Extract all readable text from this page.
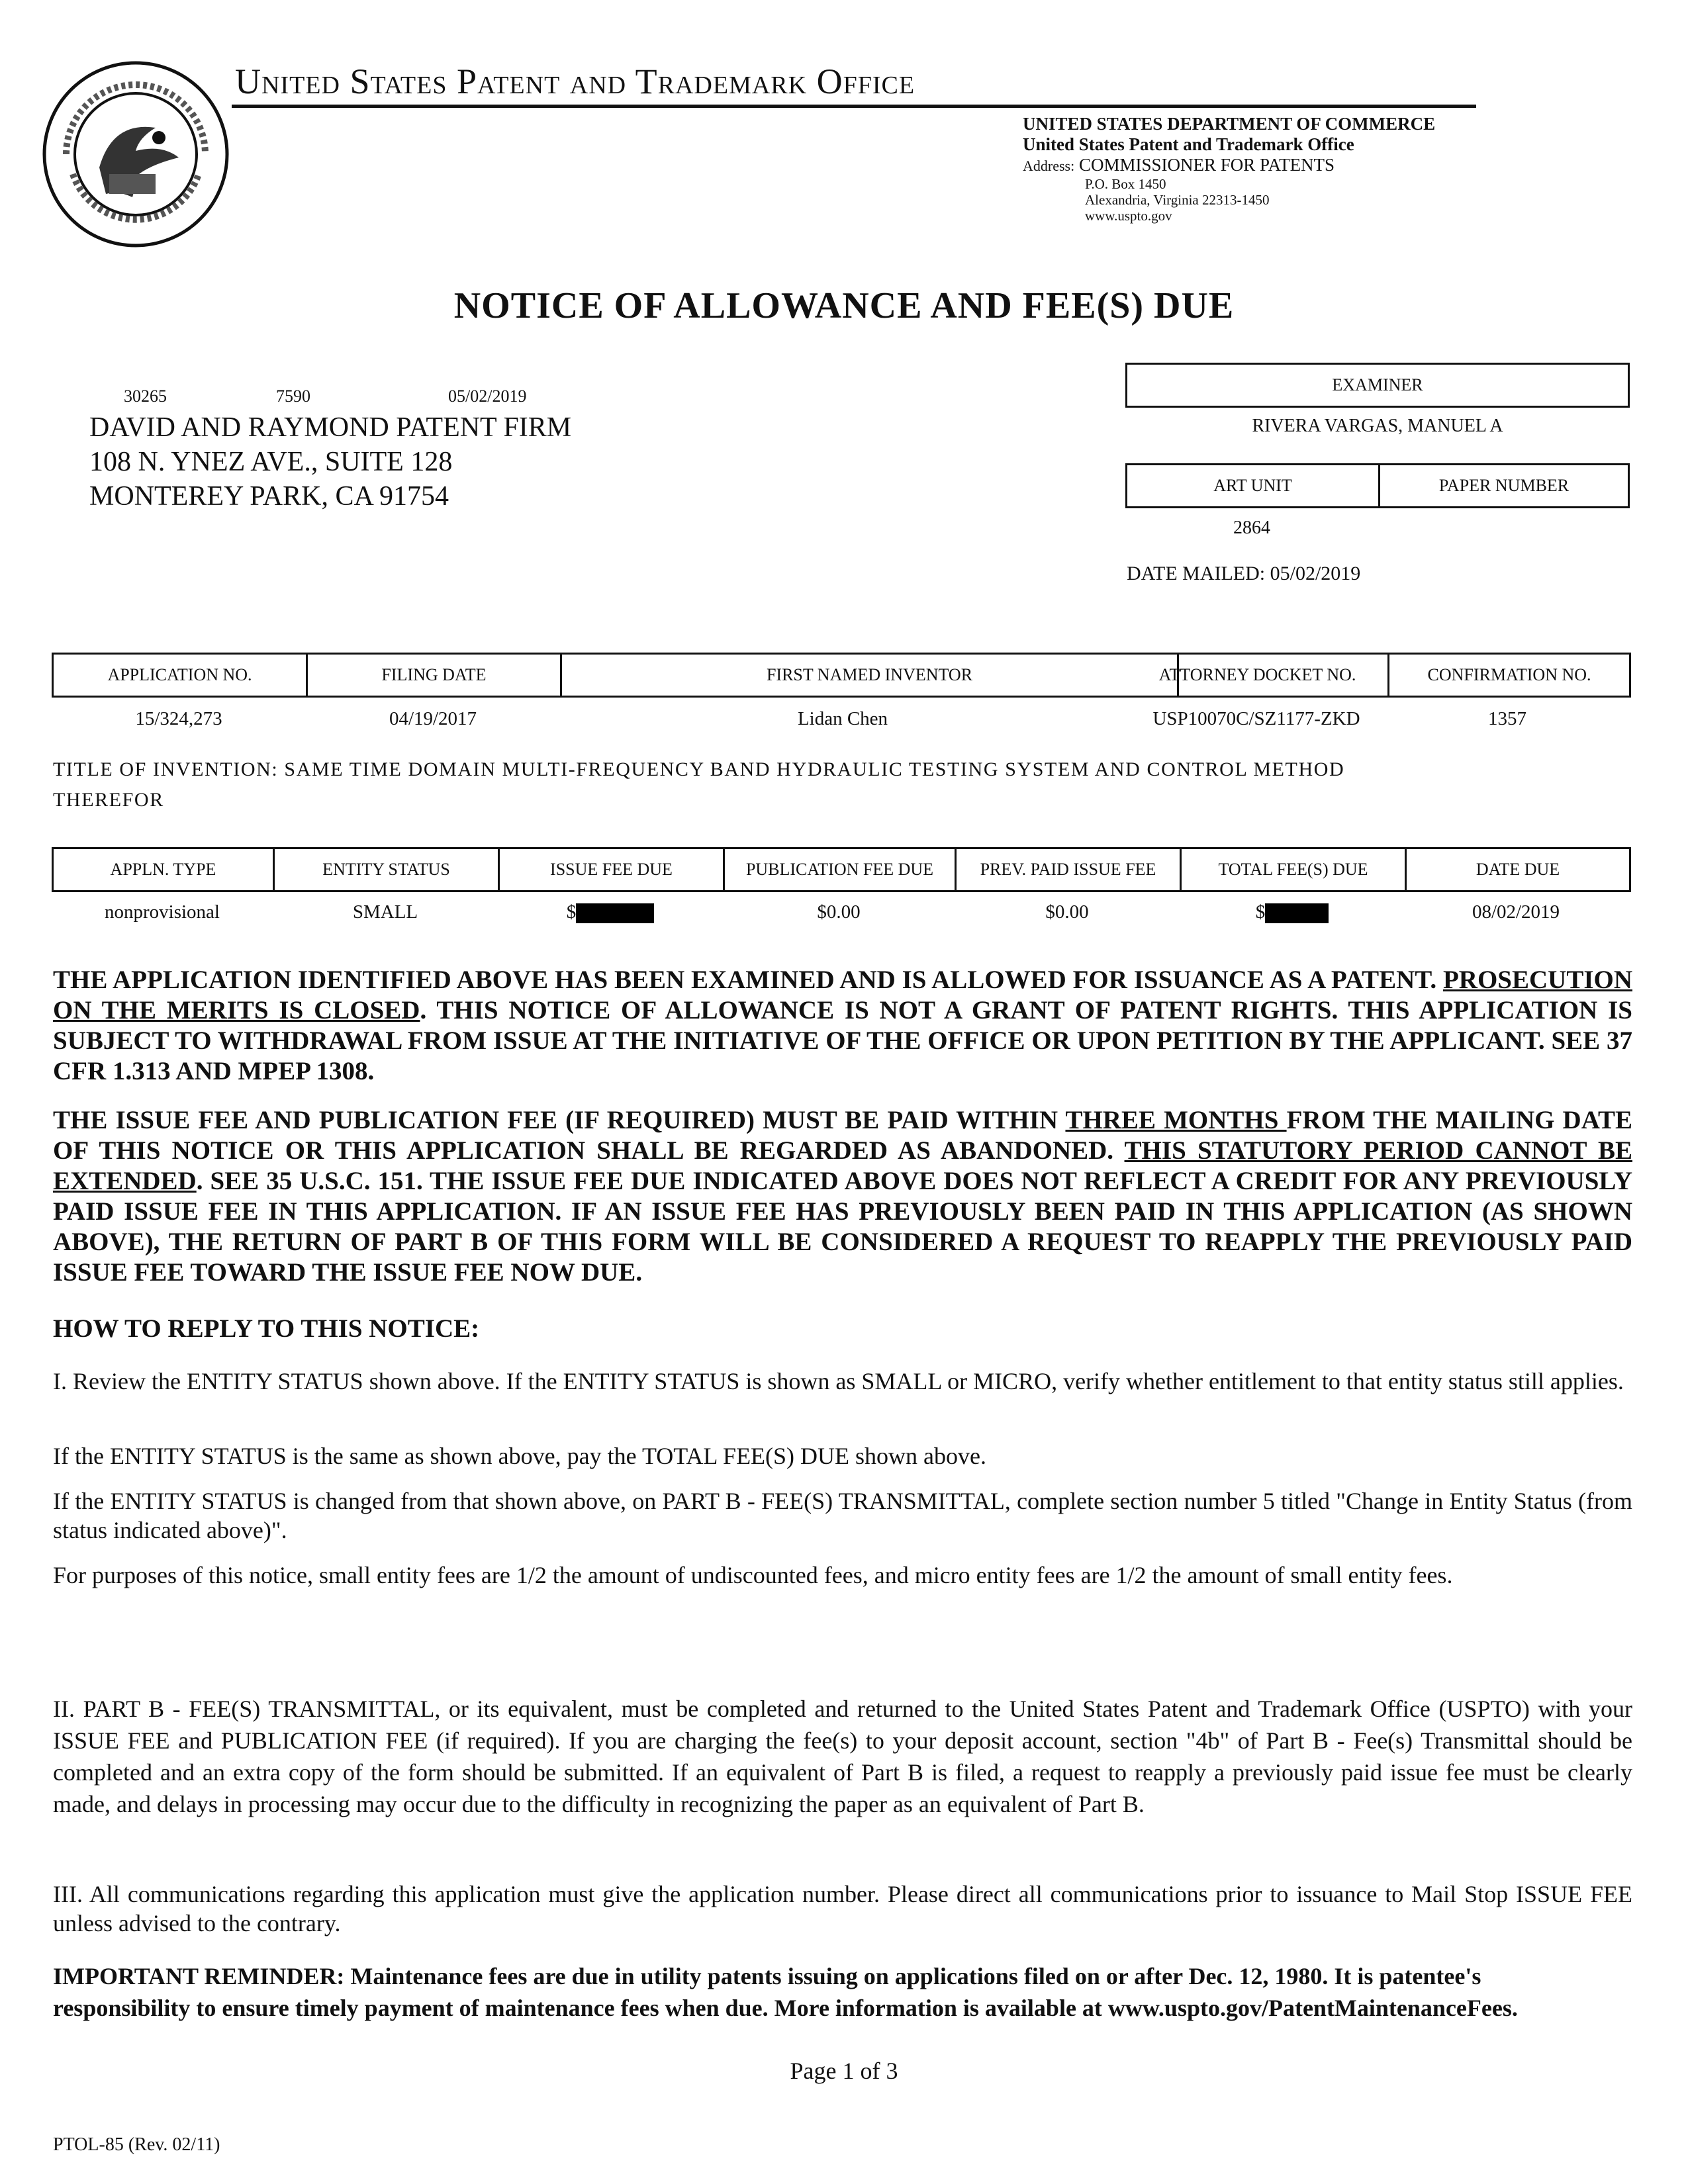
United States Patent and Trademark Office
UNITED STATES DEPARTMENT OF COMMERCE
United States Patent and Trademark Office
Address: COMMISSIONER FOR PATENTS
P.O. Box 1450
Alexandria, Virginia 22313-1450
www.uspto.gov
NOTICE OF ALLOWANCE AND FEE(S) DUE
30265	7590	05/02/2019
DAVID AND RAYMOND PATENT FIRM
108 N. YNEZ AVE., SUITE 128
MONTEREY PARK, CA 91754
EXAMINER
RIVERA VARGAS, MANUEL A
ART UNIT	PAPER NUMBER
2864
DATE MAILED: 05/02/2019
APPLICATION NO.	FILING DATE	FIRST NAMED INVENTOR	ATTORNEY DOCKET NO.	CONFIRMATION NO.
15/324,273	04/19/2017	Lidan Chen	USP10070C/SZ1177-ZKD	1357
TITLE OF INVENTION: SAME TIME DOMAIN MULTI-FREQUENCY BAND HYDRAULIC TESTING SYSTEM AND CONTROL METHOD
THEREFOR
APPLN. TYPE	ENTITY STATUS	ISSUE FEE DUE	PUBLICATION FEE DUE	PREV. PAID ISSUE FEE	TOTAL FEE(S) DUE	DATE DUE
nonprovisional	SMALL	$	$0.00	$0.00	$	08/02/2019
THE APPLICATION IDENTIFIED ABOVE HAS BEEN EXAMINED AND IS ALLOWED FOR ISSUANCE AS A PATENT. PROSECUTION ON THE MERITS IS CLOSED. THIS NOTICE OF ALLOWANCE IS NOT A GRANT OF PATENT RIGHTS. THIS APPLICATION IS SUBJECT TO WITHDRAWAL FROM ISSUE AT THE INITIATIVE OF THE OFFICE OR UPON PETITION BY THE APPLICANT. SEE 37 CFR 1.313 AND MPEP 1308.
THE ISSUE FEE AND PUBLICATION FEE (IF REQUIRED) MUST BE PAID WITHIN THREE MONTHS FROM THE MAILING DATE OF THIS NOTICE OR THIS APPLICATION SHALL BE REGARDED AS ABANDONED. THIS STATUTORY PERIOD CANNOT BE EXTENDED. SEE 35 U.S.C. 151. THE ISSUE FEE DUE INDICATED ABOVE DOES NOT REFLECT A CREDIT FOR ANY PREVIOUSLY PAID ISSUE FEE IN THIS APPLICATION. IF AN ISSUE FEE HAS PREVIOUSLY BEEN PAID IN THIS APPLICATION (AS SHOWN ABOVE), THE RETURN OF PART B OF THIS FORM WILL BE CONSIDERED A REQUEST TO REAPPLY THE PREVIOUSLY PAID ISSUE FEE TOWARD THE ISSUE FEE NOW DUE.
HOW TO REPLY TO THIS NOTICE:
I. Review the ENTITY STATUS shown above. If the ENTITY STATUS is shown as SMALL or MICRO, verify whether entitlement to that entity status still applies.
If the ENTITY STATUS is the same as shown above, pay the TOTAL FEE(S) DUE shown above.
If the ENTITY STATUS is changed from that shown above, on PART B - FEE(S) TRANSMITTAL, complete section number 5 titled "Change in Entity Status (from status indicated above)".
For purposes of this notice, small entity fees are 1/2 the amount of undiscounted fees, and micro entity fees are 1/2 the amount of small entity fees.
II. PART B - FEE(S) TRANSMITTAL, or its equivalent, must be completed and returned to the United States Patent and Trademark Office (USPTO) with your ISSUE FEE and PUBLICATION FEE (if required). If you are charging the fee(s) to your deposit account, section "4b" of Part B - Fee(s) Transmittal should be completed and an extra copy of the form should be submitted. If an equivalent of Part B is filed, a request to reapply a previously paid issue fee must be clearly made, and delays in processing may occur due to the difficulty in recognizing the paper as an equivalent of Part B.
III. All communications regarding this application must give the application number. Please direct all communications prior to issuance to Mail Stop ISSUE FEE unless advised to the contrary.
IMPORTANT REMINDER: Maintenance fees are due in utility patents issuing on applications filed on or after Dec. 12, 1980. It is patentee's responsibility to ensure timely payment of maintenance fees when due. More information is available at www.uspto.gov/PatentMaintenanceFees.
Page 1 of 3
PTOL-85 (Rev. 02/11)
